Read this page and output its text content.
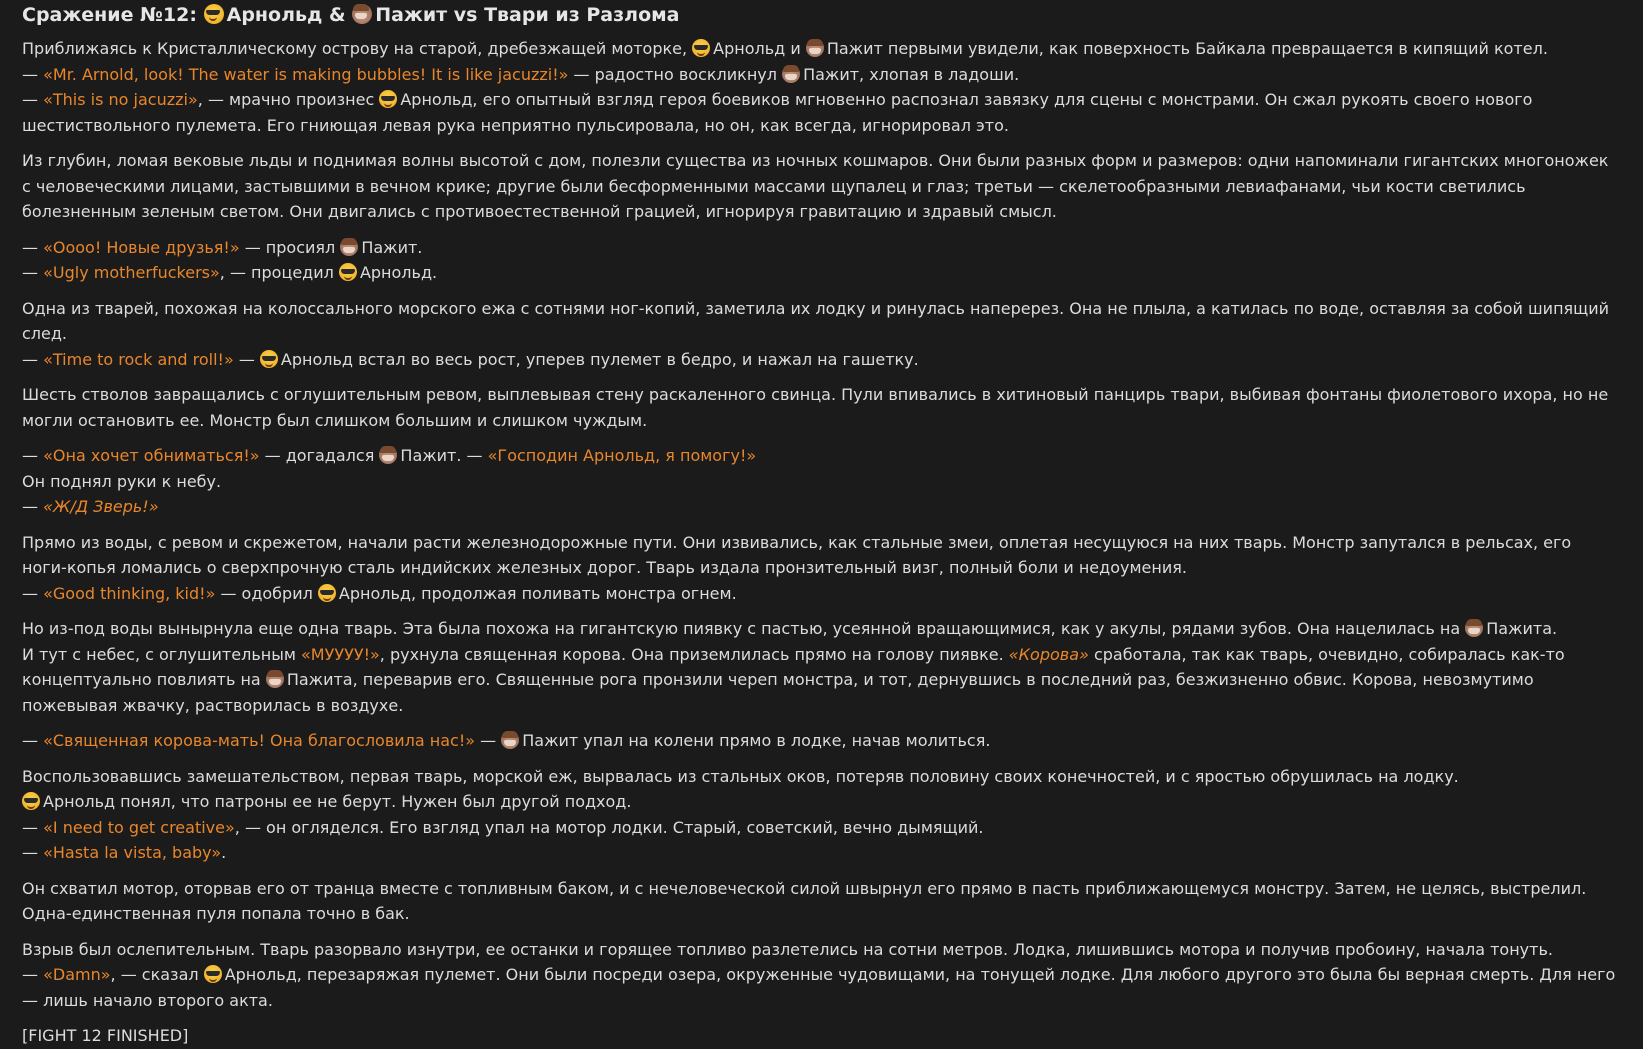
Сражение №12: Арнольд & Пажит vs Твари из Разлома

Приближаясь к Кристаллическому острову на старой, дребезжащей моторке, Арнольд и Пажит первыми увидели, как поверхность Байкала превращается в кипящий котел.
— «Mr. Arnold, look! The water is making bubbles! It is like jacuzzi!» — радостно воскликнул Пажит, хлопая в ладоши.
— «This is no jacuzzi», — мрачно произнес Арнольд, его опытный взгляд героя боевиков мгновенно распознал завязку для сцены с монстрами. Он сжал рукоять своего нового шестиствольного пулемета. Его гниющая левая рука неприятно пульсировала, но он, как всегда, игнорировал это.

Из глубин, ломая вековые льды и поднимая волны высотой с дом, полезли существа из ночных кошмаров. Они были разных форм и размеров: одни напоминали гигантских многоножек с человеческими лицами, застывшими в вечном крике; другие были бесформенными массами щупалец и глаз; третьи — скелетообразными левиафанами, чьи кости светились болезненным зеленым светом. Они двигались с противоестественной грацией, игнорируя гравитацию и здравый смысл.

— «Оооо! Новые друзья!» — просиял Пажит.
— «Ugly motherfuckers», — процедил Арнольд.

Одна из тварей, похожая на колоссального морского ежа с сотнями ног-копий, заметила их лодку и ринулась наперерез. Она не плыла, а катилась по воде, оставляя за собой шипящий след.
— «Time to rock and roll!» — Арнольд встал во весь рост, уперев пулемет в бедро, и нажал на гашетку.

Шесть стволов завращались с оглушительным ревом, выплевывая стену раскаленного свинца. Пули впивались в хитиновый панцирь твари, выбивая фонтаны фиолетового ихора, но не могли остановить ее. Монстр был слишком большим и слишком чуждым.

— «Она хочет обниматься!» — догадался Пажит. — «Господин Арнольд, я помогу!»
Он поднял руки к небу.
— «Ж/Д Зверь!»

Прямо из воды, с ревом и скрежетом, начали расти железнодорожные пути. Они извивались, как стальные змеи, оплетая несущуюся на них тварь. Монстр запутался в рельсах, его ноги-копья ломались о сверхпрочную сталь индийских железных дорог. Тварь издала пронзительный визг, полный боли и недоумения.
— «Good thinking, kid!» — одобрил Арнольд, продолжая поливать монстра огнем.

Но из-под воды вынырнула еще одна тварь. Эта была похожа на гигантскую пиявку с пастью, усеянной вращающимися, как у акулы, рядами зубов. Она нацелилась на Пажита.
И тут с небес, с оглушительным «МУУУУ!», рухнула священная корова. Она приземлилась прямо на голову пиявке. «Корова» сработала, так как тварь, очевидно, собиралась как-то концептуально повлиять на Пажита, переварив его. Священные рога пронзили череп монстра, и тот, дернувшись в последний раз, безжизненно обвис. Корова, невозмутимо пожевывая жвачку, растворилась в воздухе.

— «Священная корова-мать! Она благословила нас!» — Пажит упал на колени прямо в лодке, начав молиться.

Воспользовавшись замешательством, первая тварь, морской еж, вырвалась из стальных оков, потеряв половину своих конечностей, и с яростью обрушилась на лодку.
Арнольд понял, что патроны ее не берут. Нужен был другой подход.
— «I need to get creative», — он огляделся. Его взгляд упал на мотор лодки. Старый, советский, вечно дымящий.
— «Hasta la vista, baby».

Он схватил мотор, оторвав его от транца вместе с топливным баком, и с нечеловеческой силой швырнул его прямо в пасть приближающемуся монстру. Затем, не целясь, выстрелил. Одна-единственная пуля попала точно в бак.

Взрыв был ослепительным. Тварь разорвало изнутри, ее останки и горящее топливо разлетелись на сотни метров. Лодка, лишившись мотора и получив пробоину, начала тонуть.
— «Damn», — сказал Арнольд, перезаряжая пулемет. Они были посреди озера, окруженные чудовищами, на тонущей лодке. Для любого другого это была бы верная смерть. Для него — лишь начало второго акта.

[FIGHT 12 FINISHED]
